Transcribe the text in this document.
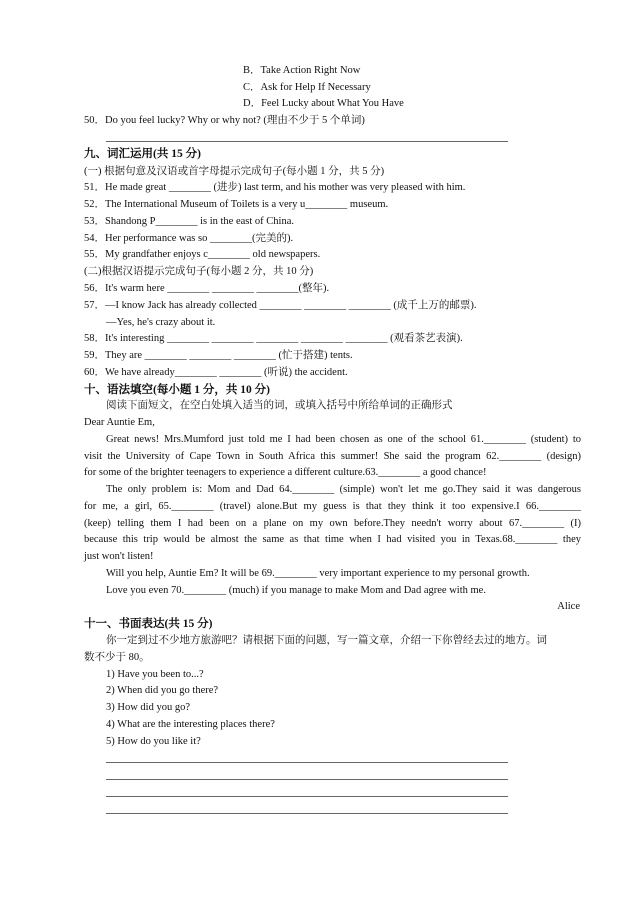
B．Take Action Right Now
C．Ask for Help If Necessary
D．Feel Lucky about What You Have
50．Do you feel lucky? Why or why not? (理由不少于 5 个单词)
九、词汇运用(共 15 分)
(一) 根据句意及汉语或首字母提示完成句子(每小题 1 分，共 5 分)
51．He made great ________ (进步) last term, and his mother was very pleased with him.
52．The International Museum of Toilets is a very u________ museum.
53．Shandong P________ is in the east of China.
54．Her performance was so ________(完美的).
55．My grandfather enjoys c________ old newspapers.
(二)根据汉语提示完成句子(每小题 2 分，共 10 分)
56．It's warm here ________ ________ ________(整年).
57．—I know Jack has already collected ________ ________ ________ (成千上万的邮票).
—Yes, he's crazy about it.
58．It's interesting ________ ________ ________ ________ ________ (观看茶艺表演).
59．They are ________ ________ ________ (忙于搭建) tents.
60．We have already________ ________ (听说) the accident.
十、语法填空(每小题 1 分，共 10 分)
阅读下面短文，在空白处填入适当的词，或填入括号中所给单词的正确形式
Dear Auntie Em,
Great news! Mrs.Mumford just told me I had been chosen as one of the school 61.________ (student) to
visit the University of Cape Town in South Africa this summer! She said the program 62.________ (design)
for some of the brighter teenagers to experience a different culture.63.________ a good chance!
The only problem is: Mom and Dad 64.________ (simple) won't let me go.They said it was dangerous
for me, a girl, 65.________ (travel) alone.But my guess is that they think it too expensive.I 66.________
(keep) telling them I had been on a plane on my own before.They needn't worry about 67.________ (I)
because this trip would be almost the same as that time when I had visited you in Texas.68.________ they
just won't listen!
Will you help, Auntie Em? It will be 69.________ very important experience to my personal growth.
Love you even 70.________ (much) if you manage to make Mom and Dad agree with me.
Alice
十一、书面表达(共 15 分)
你一定到过不少地方旅游吧？请根据下面的问题，写一篇文章，介绍一下你曾经去过的地方。词
数不少于 80。
1) Have you been to...?
2) When did you go there?
3) How did you go?
4) What are the interesting places there?
5) How do you like it?
